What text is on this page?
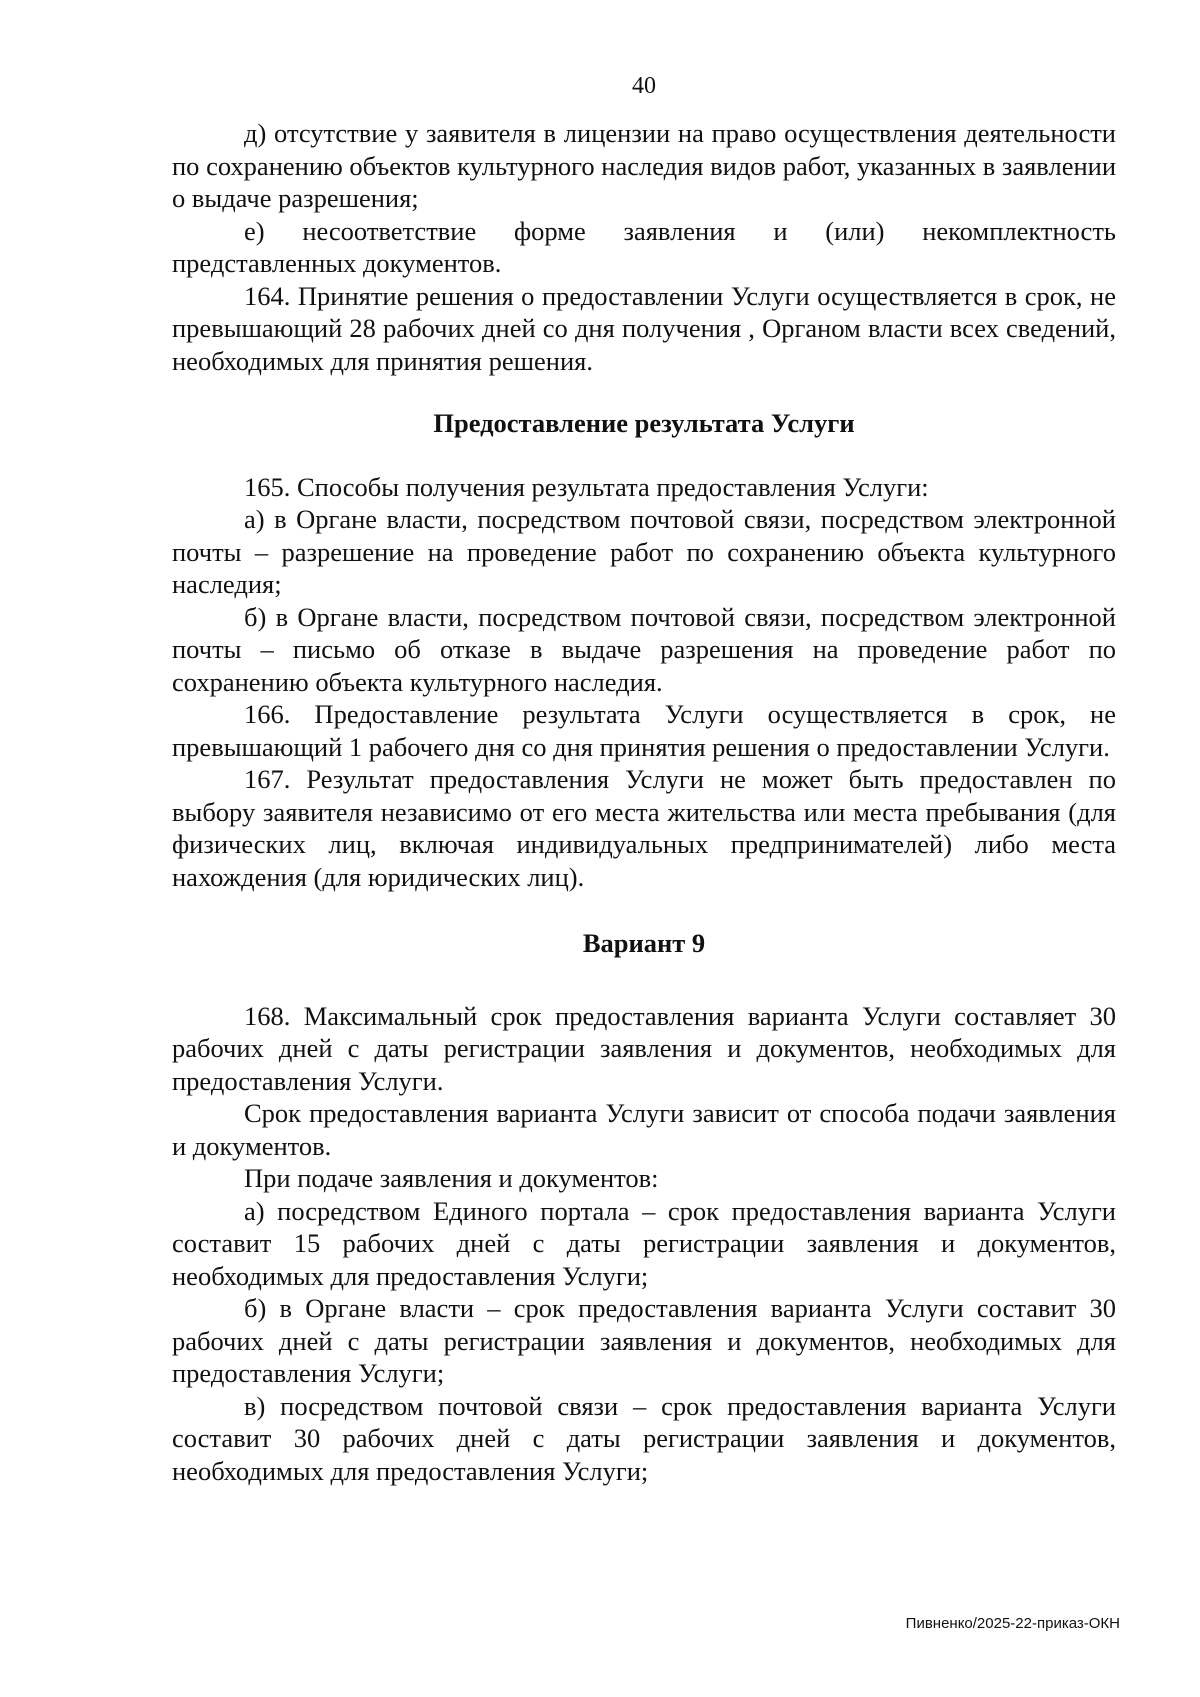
40

д) отсутствие у заявителя в лицензии на право осуществления деятельности по сохранению объектов культурного наследия видов работ, указанных в заявлении о выдаче разрешения;

е) несоответствие форме заявления и (или) некомплектность представленных документов.

164. Принятие решения о предоставлении Услуги осуществляется в срок, не превышающий 28 рабочих дней со дня получения , Органом власти всех сведений, необходимых для принятия решения.

Предоставление результата Услуги

165. Способы получения результата предоставления Услуги:

а) в Органе власти, посредством почтовой связи, посредством электронной почты – разрешение на проведение работ по сохранению объекта культурного наследия;

б) в Органе власти, посредством почтовой связи, посредством электронной почты – письмо об отказе в выдаче разрешения на проведение работ по сохранению объекта культурного наследия.

166. Предоставление результата Услуги осуществляется в срок, не превышающий 1 рабочего дня со дня принятия решения о предоставлении Услуги.

167. Результат предоставления Услуги не может быть предоставлен по выбору заявителя независимо от его места жительства или места пребывания (для физических лиц, включая индивидуальных предпринимателей) либо места нахождения (для юридических лиц).

Вариант 9

168. Максимальный срок предоставления варианта Услуги составляет 30 рабочих дней с даты регистрации заявления и документов, необходимых для предоставления Услуги.

Срок предоставления варианта Услуги зависит от способа подачи заявления и документов.

При подаче заявления и документов:

а) посредством Единого портала – срок предоставления варианта Услуги составит 15 рабочих дней с даты регистрации заявления и документов, необходимых для предоставления Услуги;

б) в Органе власти – срок предоставления варианта Услуги составит 30 рабочих дней с даты регистрации заявления и документов, необходимых для предоставления Услуги;

в) посредством почтовой связи – срок предоставления варианта Услуги составит 30 рабочих дней с даты регистрации заявления и документов, необходимых для предоставления Услуги;

Пивненко/2025-22-приказ-ОКН
